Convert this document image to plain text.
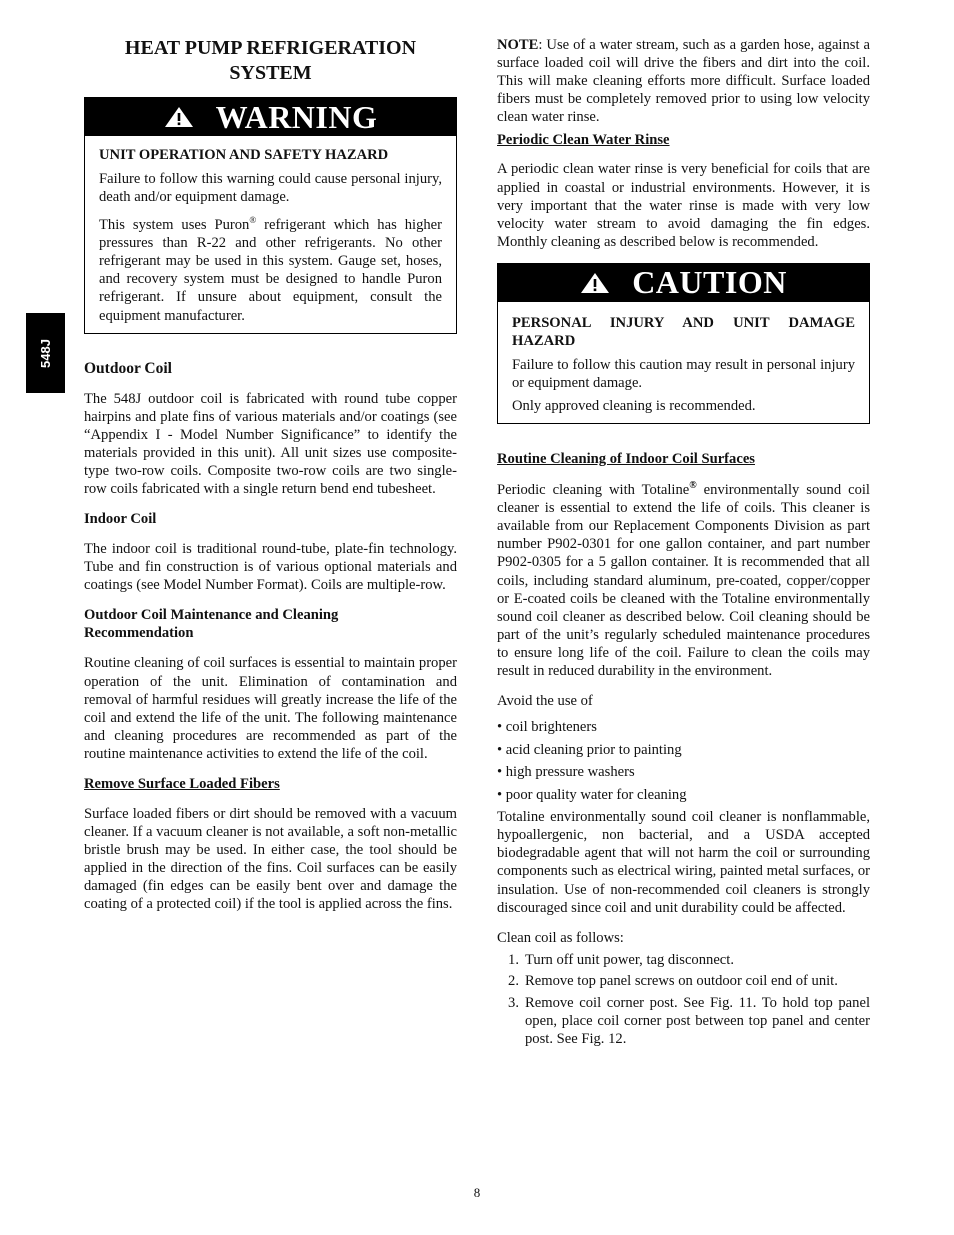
548J
HEAT PUMP REFRIGERATION
SYSTEM
WARNING

UNIT OPERATION AND SAFETY HAZARD

Failure to follow this warning could cause personal injury, death and/or equipment damage.

This system uses Puron® refrigerant which has higher pressures than R-22 and other refrigerants. No other refrigerant may be used in this system. Gauge set, hoses, and recovery system must be designed to handle Puron refrigerant. If unsure about equipment, consult the equipment manufacturer.

Outdoor Coil

The 548J outdoor coil is fabricated with round tube copper hairpins and plate fins of various materials and/or coatings (see “Appendix I - Model Number Significance” to identify the materials provided in this unit). All unit sizes use composite-type two-row coils. Composite two-row coils are two single-row coils fabricated with a single return bend end tubesheet.

Indoor Coil

The indoor coil is traditional round-tube, plate-fin technology. Tube and fin construction is of various optional materials and coatings (see Model Number Format). Coils are multiple-row.

Outdoor Coil Maintenance and Cleaning
Recommendation

Routine cleaning of coil surfaces is essential to maintain proper operation of the unit. Elimination of contamination and removal of harmful residues will greatly increase the life of the coil and extend the life of the unit. The following maintenance and cleaning procedures are recommended as part of the routine maintenance activities to extend the life of the coil.

Remove Surface Loaded Fibers

Surface loaded fibers or dirt should be removed with a vacuum cleaner. If a vacuum cleaner is not available, a soft non-metallic bristle brush may be used. In either case, the tool should be applied in the direction of the fins. Coil surfaces can be easily damaged (fin edges can be easily bent over and damage the coating of a protected coil) if the tool is applied across the fins.

NOTE: Use of a water stream, such as a garden hose, against a surface loaded coil will drive the fibers and dirt into the coil. This will make cleaning efforts more difficult. Surface loaded fibers must be completely removed prior to using low velocity clean water rinse.

Periodic Clean Water Rinse

A periodic clean water rinse is very beneficial for coils that are applied in coastal or industrial environments. However, it is very important that the water rinse is made with very low velocity water stream to avoid damaging the fin edges. Monthly cleaning as described below is recommended.

CAUTION

PERSONAL INJURY AND UNIT DAMAGE HAZARD

Failure to follow this caution may result in personal injury or equipment damage.

Only approved cleaning is recommended.

Routine Cleaning of Indoor Coil Surfaces

Periodic cleaning with Totaline® environmentally sound coil cleaner is essential to extend the life of coils. This cleaner is available from our Replacement Components Division as part number P902-0301 for one gallon container, and part number P902-0305 for a 5 gallon container. It is recommended that all coils, including standard aluminum, pre-coated, copper/copper or E-coated coils be cleaned with the Totaline environmentally sound coil cleaner as described below. Coil cleaning should be part of the unit’s regularly scheduled maintenance procedures to ensure long life of the coil. Failure to clean the coils may result in reduced durability in the environment.

Avoid the use of

• coil brighteners
• acid cleaning prior to painting
• high pressure washers
• poor quality water for cleaning

Totaline environmentally sound coil cleaner is nonflammable, hypoallergenic, non bacterial, and a USDA accepted biodegradable agent that will not harm the coil or surrounding components such as electrical wiring, painted metal surfaces, or insulation. Use of non-recommended coil cleaners is strongly discouraged since coil and unit durability could be affected.

Clean coil as follows:

1. Turn off unit power, tag disconnect.
2. Remove top panel screws on outdoor coil end of unit.
3. Remove coil corner post. See Fig. 11. To hold top panel open, place coil corner post between top panel and center post. See Fig. 12.
8
